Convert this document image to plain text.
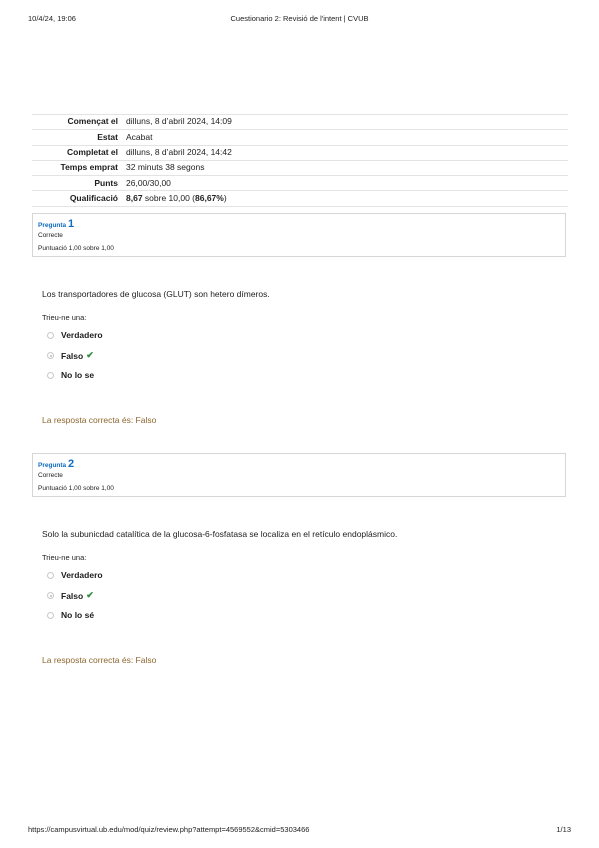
10/4/24, 19:06	Cuestionario 2: Revisió de l'intent | CVUB
Començat el	dilluns, 8 d’abril 2024, 14:09
Estat	Acabat
Completat el	dilluns, 8 d’abril 2024, 14:42
Temps emprat	32 minuts 38 segons
Punts	26,00/30,00
Qualificació	8,67 sobre 10,00 (86,67%)
Pregunta 1
Correcte
Puntuació 1,00 sobre 1,00
Los transportadores de glucosa (GLUT) son hetero dímeros.
Trieu-ne una:
Verdadero
Falso ✔
No lo se
La resposta correcta és: Falso
Pregunta 2
Correcte
Puntuació 1,00 sobre 1,00
Solo la subunicdad catalítica de la glucosa-6-fosfatasa se localiza en el retículo endoplásmico.
Trieu-ne una:
Verdadero
Falso ✔
No lo sé
La resposta correcta és: Falso
https://campusvirtual.ub.edu/mod/quiz/review.php?attempt=4569552&cmid=5303466	1/13
